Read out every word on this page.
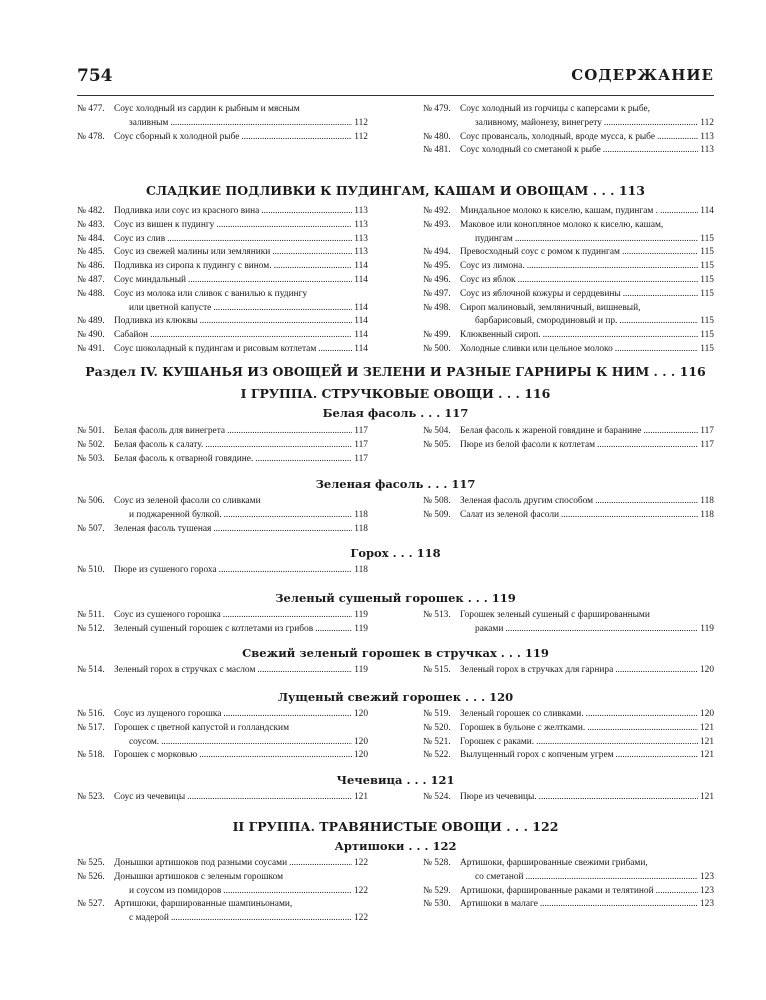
754	СОДЕРЖАНИЕ
№ 477. Соус холодный из сардин к рыбным и мясным
заливным . . .	112
№ 478. Соус сборный к холодной рыбе . . .	112
№ 479. Соус холодный из горчицы с каперсами к рыбе,
заливному, майонезу, винегрету . . .	112
№ 480. Соус провансаль, холодный, вроде мусса, к рыбе . . .	113
№ 481. Соус холодный со сметаной к рыбе . . .	113
СЛАДКИЕ ПОДЛИВКИ К ПУДИНГАМ, КАШАМ И ОВОЩАМ . . . 113
№ 482. Подливка или соус из красного вина . . .	113
№ 483. Соус из вишен к пудингу . . .	113
№ 484. Соус из слив . . .	113
№ 485. Соус из свежей малины или земляники . . .	113
№ 486. Подливка из сиропа к пудингу с вином. . . .	114
№ 487. Соус миндальный . . .	114
№ 488. Соус из молока или сливок с ванилью к пудингу
или цветной капусте . . .	114
№ 489. Подливка из клюквы . . .	114
№ 490. Сабайон . . .	114
№ 491. Соус шоколадный к пудингам и рисовым котлетам . . .	114
№ 492. Миндальное молоко к киселю, кашам, пудингам . . . .	114
№ 493. Маковое или конопляное молоко к киселю, кашам,
пудингам . . .	115
№ 494. Превосходный соус с ромом к пудингам . . .	115
№ 495. Соус из лимона. . . .	115
№ 496. Соус из яблок . . .	115
№ 497. Соус из яблочной кожуры и сердцевины . . .	115
№ 498. Сироп малиновый, земляничный, вишневый,
барбарисовый, смородиновый и пр. . . .	115
№ 499. Клюквенный сироп. . . .	115
№ 500. Холодные сливки или цельное молоко . . .	115
Раздел IV. КУШАНЬЯ ИЗ ОВОЩЕЙ И ЗЕЛЕНИ И РАЗНЫЕ ГАРНИРЫ К НИМ . . . 116
I ГРУППА. СТРУЧКОВЫЕ ОВОЩИ . . . 116
Белая фасоль . . . 117
№ 501. Белая фасоль для винегрета . . .	117
№ 502. Белая фасоль к салату. . . .	117
№ 503. Белая фасоль к отварной говядине. . . .	117
№ 504. Белая фасоль к жареной говядине и баранине . . .	117
№ 505. Пюре из белой фасоли к котлетам . . .	117
Зеленая фасоль . . . 117
№ 506. Соус из зеленой фасоли со сливками
и поджаренной булкой. . . .	118
№ 507. Зеленая фасоль тушеная . . .	118
№ 508. Зеленая фасоль другим способом . . .	118
№ 509. Салат из зеленой фасоли . . .	118
Горох . . . 118
№ 510. Пюре из сушеного гороха . . .	118
Зеленый сушеный горошек . . . 119
№ 511.	Соус из сушеного горошка . . .	119
№ 512. Зеленый сушеный горошек с котлетами из грибов . . .	119
№ 513. Горошек зеленый сушеный с фаршированными
раками . . .	119
Свежий зеленый горошек в стручках . . . 119
№ 514. Зеленый горох в стручках с маслом . . .	119	№ 515. Зеленый горох в стручках для гарнира . . .	120
Лущеный свежий горошек . . . 120
№ 516. Соус из лущеного горошка . . .	120
№ 517. Горошек с цветной капустой и голландским
соусом. . . .	120
№ 518. Горошек с морковью . . .	120
№ 519. Зеленый горошек со сливками. . . .	120
№ 520. Горошек в бульоне с желтками. . . .	121
№ 521. Горошек с раками. . . .	121
№ 522. Вылущенный горох с копченым угрем . . .	121
Чечевица . . . 121
№ 523. Соус из чечевицы . . .	121	№ 524. Пюре из чечевицы. . . .	121
II ГРУППА. ТРАВЯНИСТЫЕ ОВОЩИ . . . 122
Артишоки . . . 122
№ 525. Донышки артишоков под разными соусами . . .	122
№ 526. Донышки артишоков с зеленым горошком
и соусом из помидоров . . .	122
№ 527. Артишоки, фаршированные шампиньонами,
с мадерой . . .	122
№ 528. Артишоки, фаршированные свежими грибами,
со сметаной . . .	123
№ 529. Артишоки, фаршированные раками и телятиной . . .	123
№ 530. Артишоки в малаге . . .	123
